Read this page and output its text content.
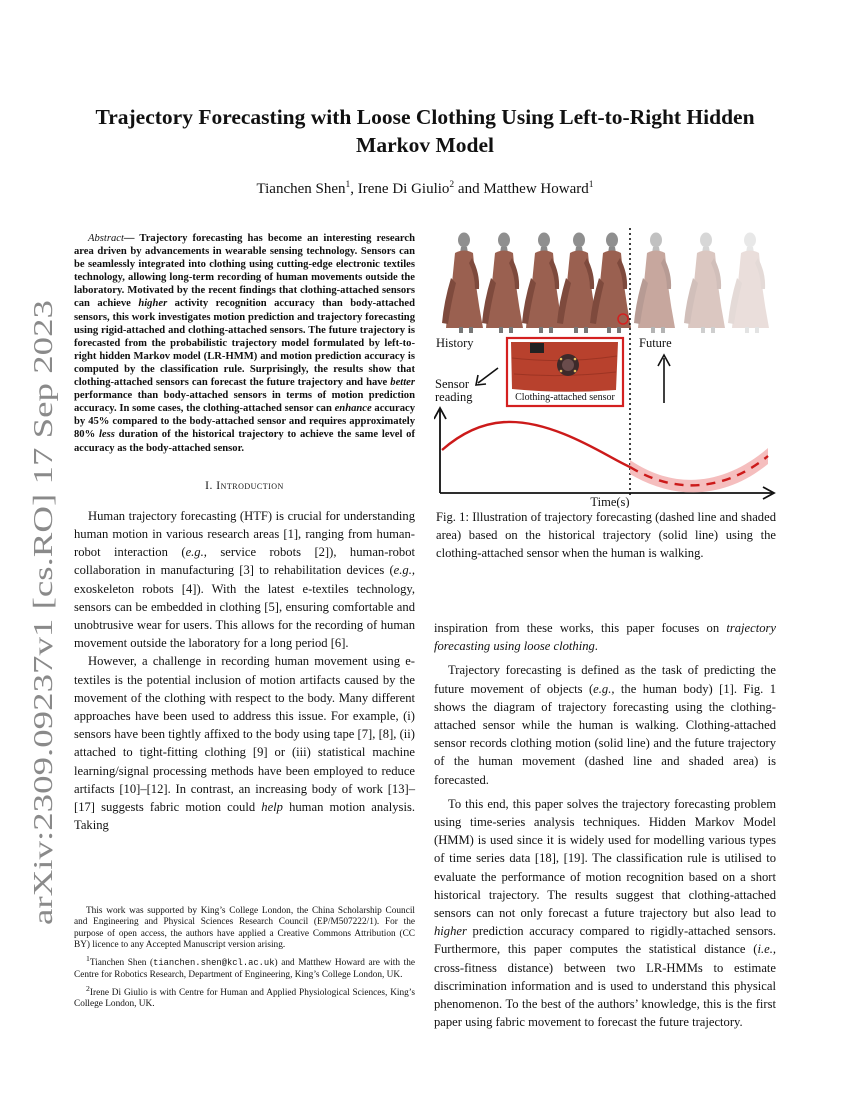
arXiv:2309.09237v1 [cs.RO] 17 Sep 2023
Trajectory Forecasting with Loose Clothing Using Left-to-Right Hidden
Markov Model
Tianchen Shen$^1$, Irene Di Giulio$^2$ and Matthew Howard$^1$
Abstract— Trajectory forecasting has become an interesting research area driven by advancements in wearable sensing technology. Sensors can be seamlessly integrated into clothing using cutting-edge electronic textiles technology, allowing long-term recording of human movements outside the laboratory. Motivated by the recent findings that clothing-attached sensors can achieve higher activity recognition accuracy than body-attached sensors, this work investigates motion prediction and trajectory forecasting using rigid-attached and clothing-attached sensors. The future trajectory is forecasted from the probabilistic trajectory model formulated by left-to-right hidden Markov model (LR-HMM) and motion prediction accuracy is computed by the classification rule. Surprisingly, the results show that clothing-attached sensors can forecast the future trajectory and have better performance than body-attached sensors in terms of motion prediction accuracy. In some cases, the clothing-attached sensor can enhance accuracy by 45% compared to the body-attached sensor and requires approximately 80% less duration of the historical trajectory to achieve the same level of accuracy as the body-attached sensor.
I. Introduction

Human trajectory forecasting (HTF) is crucial for understanding human motion in various research areas [1], ranging from human-robot interaction (e.g., service robots [2]), human-robot collaboration in manufacturing [3] to rehabilitation devices (e.g., exoskeleton robots [4]). With the latest e-textiles technology, sensors can be embedded in clothing [5], ensuring comfortable and unobtrusive wear for users. This allows for the recording of human movement outside the laboratory for a long period [6].

However, a challenge in recording human movement using e-textiles is the potential inclusion of motion artifacts caused by the movement of the clothing with respect to the body. Many different approaches have been used to address this issue. For example, (i) sensors have been tightly affixed to the body using tape [7], [8], (ii) attached to tight-fitting clothing [9] or (iii) statistical machine learning/signal processing methods have been employed to reduce artifacts [10]–[12]. In contrast, an increasing body of work [13]–[17] suggests fabric motion could help human motion analysis. Taking

This work was supported by King’s College London, the China Scholarship Council and Engineering and Physical Sciences Research Council (EP/M507222/1). For the purpose of open access, the authors have applied a Creative Commons Attribution (CC BY) licence to any Accepted Manuscript version arising.

$^1$Tianchen Shen (tianchen.shen@kcl.ac.uk) and Matthew Howard are with the Centre for Robotics Research, Department of Engineering, King’s College London, UK.

$^2$Irene Di Giulio is with Centre for Human and Applied Physiological Sciences, King’s College London, UK.

History	Future
Clothing-attached sensor
Sensor
reading
Time(s)
Fig. 1: Illustration of trajectory forecasting (dashed line and shaded area) based on the historical trajectory (solid line) using the clothing-attached sensor when the human is walking.

inspiration from these works, this paper focuses on trajectory forecasting using loose clothing.

Trajectory forecasting is defined as the task of predicting the future movement of objects (e.g., the human body) [1]. Fig. 1 shows the diagram of trajectory forecasting using the clothing-attached sensor while the human is walking. Clothing-attached sensor records clothing motion (solid line) and the future trajectory of the human movement (dashed line and shaded area) is forecasted.

To this end, this paper solves the trajectory forecasting problem using time-series analysis techniques. Hidden Markov Model (HMM) is used since it is widely used for modelling various types of time series data [18], [19]. The classification rule is utilised to evaluate the performance of motion recognition based on a short historical trajectory. The results suggest that clothing-attached sensors can not only forecast a future trajectory but also lead to higher prediction accuracy compared to rigidly-attached sensors. Furthermore, this paper computes the statistical distance (i.e., cross-fitness distance) between two LR-HMMs to estimate discrimination information and is used to understand this physical phenomenon. To the best of the authors’ knowledge, this is the first paper using fabric movement to forecast the future trajectory.
